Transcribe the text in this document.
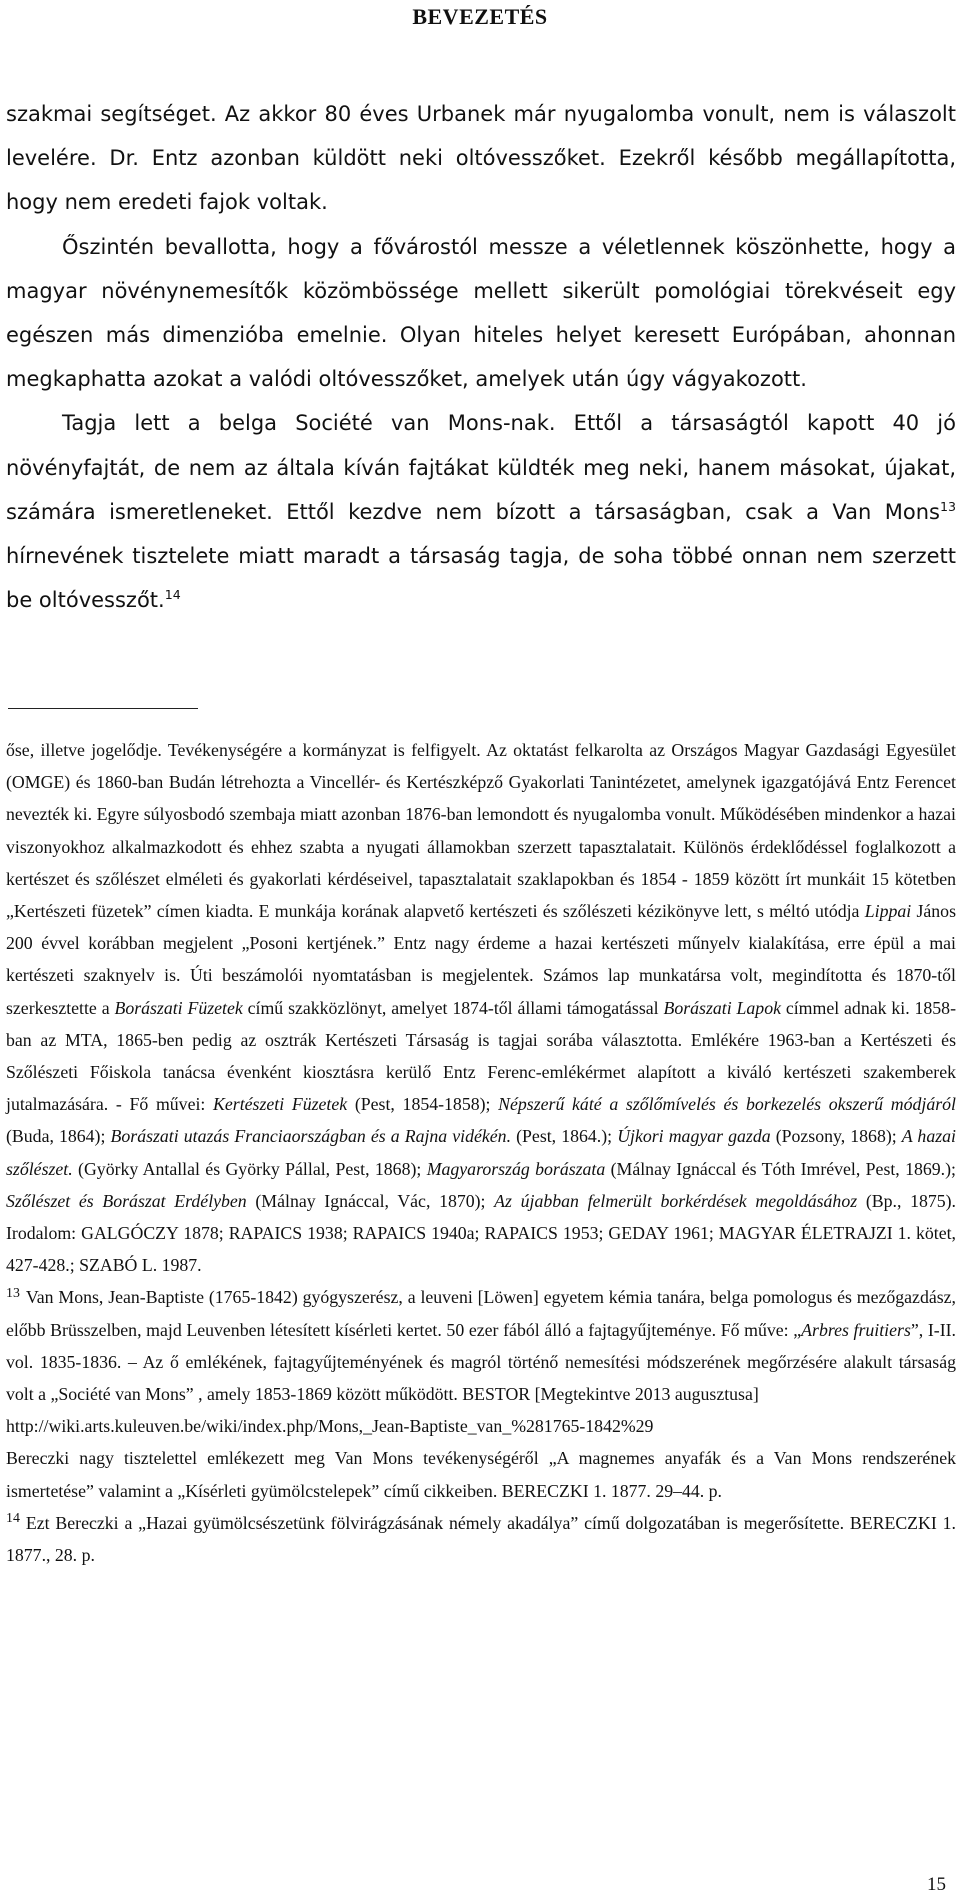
BEVEZETÉS

szakmai segítséget. Az akkor 80 éves Urbanek már nyugalomba vonult, nem is válaszolt levelére. Dr. Entz azonban küldött neki oltóvesszőket. Ezekről később megállapította, hogy nem eredeti fajok voltak.

Őszintén bevallotta, hogy a fővárostól messze a véletlennek köszönhette, hogy a magyar növénynemesítők közömbössége mellett sikerült pomológiai törekvéseit egy egészen más dimenzióba emelnie. Olyan hiteles helyet keresett Európában, ahonnan megkaphatta azokat a valódi oltóvesszőket, amelyek után úgy vágyakozott.

Tagja lett a belga Société van Mons-nak. Ettől a társaságtól kapott 40 jó növényfajtát, de nem az általa kíván fajtákat küldték meg neki, hanem másokat, újakat, számára ismeretleneket. Ettől kezdve nem bízott a társaságban, csak a Van Mons$^{13}$ hírnevének tisztelete miatt maradt a társaság tagja, de soha többé onnan nem szerzett be oltóvesszőt.$^{14}$

őse, illetve jogelődje. Tevékenységére a kormányzat is felfigyelt. Az oktatást felkarolta az Országos Magyar Gazdasági Egyesület (OMGE) és 1860-ban Budán létrehozta a Vincellér- és Kertészképző Gyakorlati Tanintézetet, amelynek igazgatójává Entz Ferencet nevezték ki. Egyre súlyosbodó szembaja miatt azonban 1876-ban lemondott és nyugalomba vonult. Működésében mindenkor a hazai viszonyokhoz alkalmazkodott és ehhez szabta a nyugati államokban szerzett tapasztalatait. Különös érdeklődéssel foglalkozott a kertészet és szőlészet elméleti és gyakorlati kérdéseivel, tapasztalatait szaklapokban és 1854 - 1859 között írt munkáit 15 kötetben „Kertészeti füzetek” címen kiadta. E munkája korának alapvető kertészeti és szőlészeti kézikönyve lett, s méltó utódja Lippai János 200 évvel korábban megjelent „Posoni kertjének.” Entz nagy érdeme a hazai kertészeti műnyelv kialakítása, erre épül a mai kertészeti szaknyelv is. Úti beszámolói nyomtatásban is megjelentek. Számos lap munkatársa volt, megindította és 1870-től szerkesztette a Borászati Füzetek című szakközlönyt, amelyet 1874-től állami támogatással Borászati Lapok címmel adnak ki. 1858-ban az MTA, 1865-ben pedig az osztrák Kertészeti Társaság is tagjai sorába választotta. Emlékére 1963-ban a Kertészeti és Szőlészeti Főiskola tanácsa évenként kiosztásra kerülő Entz Ferenc-emlékérmet alapított a kiváló kertészeti szakemberek jutalmazására. - Fő művei: Kertészeti Füzetek (Pest, 1854-1858); Népszerű káté a szőlőmívelés és borkezelés okszerű módjáról (Buda, 1864); Borászati utazás Franciaországban és a Rajna vidékén. (Pest, 1864.); Újkori magyar gazda (Pozsony, 1868); A hazai szőlészet. (Györky Antallal és Györky Pállal, Pest, 1868); Magyarország borászata (Málnay Ignáccal és Tóth Imrével, Pest, 1869.); Szőlészet és Borászat Erdélyben (Málnay Ignáccal, Vác, 1870); Az újabban felmerült borkérdések megoldásához (Bp., 1875). Irodalom: GALGÓCZY 1878; RAPAICS 1938; RAPAICS 1940a; RAPAICS 1953; GEDAY 1961; MAGYAR ÉLETRAJZI 1. kötet, 427-428.; SZABÓ L. 1987.

$^{13}$ Van Mons, Jean-Baptiste (1765-1842) gyógyszerész, a leuveni [Löwen] egyetem kémia tanára, belga pomologus és mezőgazdász, előbb Brüsszelben, majd Leuvenben létesített kísérleti kertet. 50 ezer fából álló a fajtagyűjteménye. Fő műve: „Arbres fruitiers”, I-II. vol. 1835-1836. – Az ő emlékének, fajtagyűjteményének és magról történő nemesítési módszerének megőrzésére alakult társaság volt a „Société van Mons” , amely 1853-1869 között működött. BESTOR [Megtekintve 2013 augusztusa]

http://wiki.arts.kuleuven.be/wiki/index.php/Mons,_Jean-Baptiste_van_%281765-1842%29

Bereczki nagy tisztelettel emlékezett meg Van Mons tevékenységéről „A magnemes anyafák és a Van Mons rendszerének ismertetése” valamint a „Kísérleti gyümölcstelepek” című cikkeiben. BERECZKI 1. 1877. 29–44. p.

$^{14}$ Ezt Bereczki a „Hazai gyümölcsészetünk fölvirágzásának némely akadálya” című dolgozatában is megerősítette. BERECZKI 1. 1877., 28. p.

15
